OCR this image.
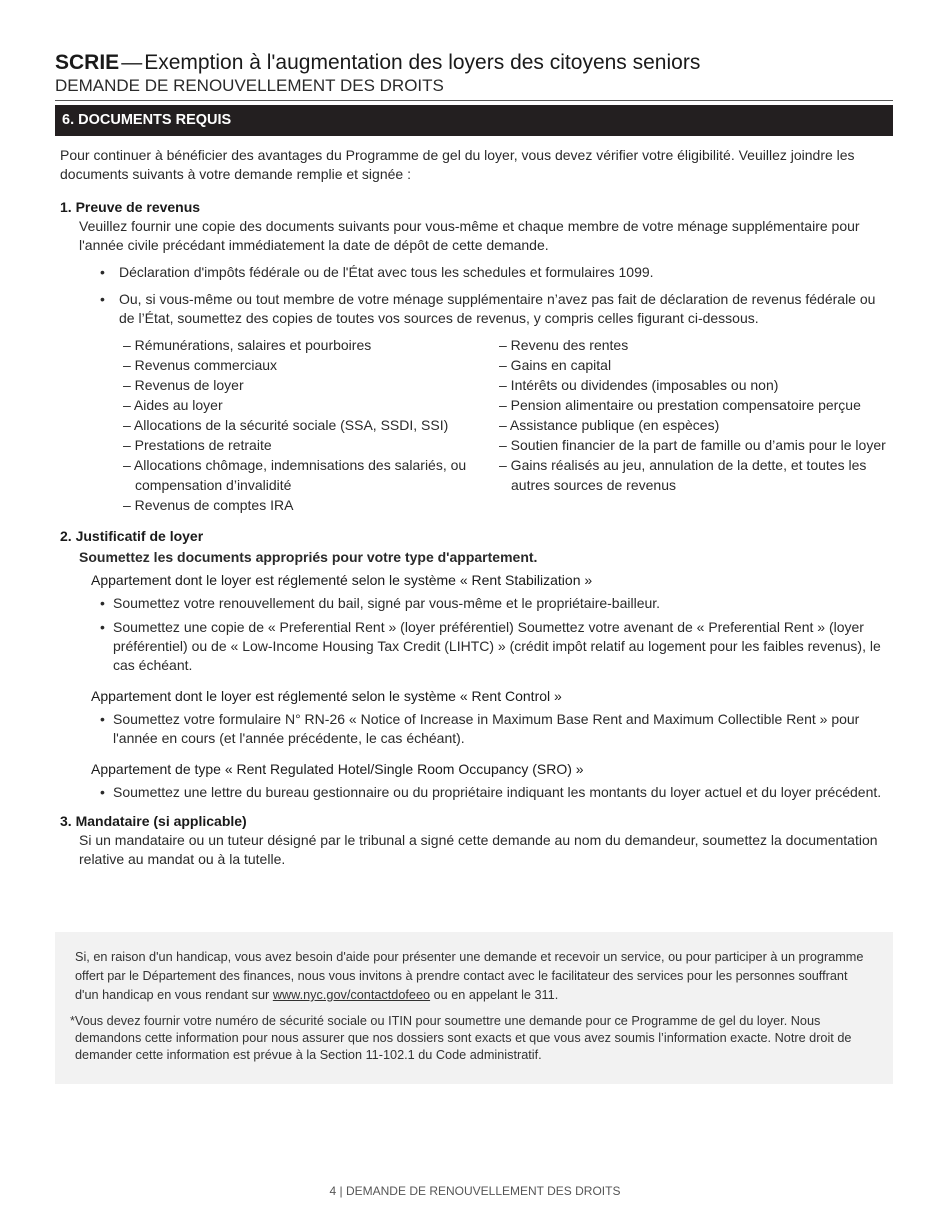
SCRIE—Exemption à l'augmentation des loyers des citoyens seniors
DEMANDE DE RENOUVELLEMENT DES DROITS
6. DOCUMENTS REQUIS

Pour continuer à bénéficier des avantages du Programme de gel du loyer, vous devez vérifier votre éligibilité. Veuillez joindre les documents suivants à votre demande remplie et signée :

1. Preuve de revenus

Veuillez fournir une copie des documents suivants pour vous-même et chaque membre de votre ménage supplémentaire pour l'année civile précédant immédiatement la date de dépôt de cette demande.

• Déclaration d'impôts fédérale ou de l'État avec tous les schedules et formulaires 1099.
• Ou, si vous-même ou tout membre de votre ménage supplémentaire n’avez pas fait de déclaration de revenus fédérale ou de l’État, soumettez des copies de toutes vos sources de revenus, y compris celles figurant ci-dessous.
– Rémunérations, salaires et pourboires
– Revenus commerciaux
– Revenus de loyer
– Aides au loyer
– Allocations de la sécurité sociale (SSA, SSDI, SSI)
– Prestations de retraite
– Allocations chômage, indemnisations des salariés, ou compensation d’invalidité
– Revenus de comptes IRA
– Revenu des rentes
– Gains en capital
– Intérêts ou dividendes (imposables ou non)
– Pension alimentaire ou prestation compensatoire perçue
– Assistance publique (en espèces)
– Soutien financier de la part de famille ou d’amis pour le loyer
– Gains réalisés au jeu, annulation de la dette, et toutes les autres sources de revenus

2. Justificatif de loyer

Soumettez les documents appropriés pour votre type d'appartement.

Appartement dont le loyer est réglementé selon le système « Rent Stabilization »

• Soumettez votre renouvellement du bail, signé par vous-même et le propriétaire-bailleur.
• Soumettez une copie de « Preferential Rent » (loyer préférentiel) Soumettez votre avenant de « Preferential Rent » (loyer préférentiel) ou de « Low-Income Housing Tax Credit (LIHTC) » (crédit impôt relatif au logement pour les faibles revenus), le cas échéant.

Appartement dont le loyer est réglementé selon le système « Rent Control »

• Soumettez votre formulaire N° RN-26 « Notice of Increase in Maximum Base Rent and Maximum Collectible Rent » pour l'année en cours (et l'année précédente, le cas échéant).

Appartement de type « Rent Regulated Hotel/Single Room Occupancy (SRO) »

• Soumettez une lettre du bureau gestionnaire ou du propriétaire indiquant les montants du loyer actuel et du loyer précédent.

3. Mandataire (si applicable)

Si un mandataire ou un tuteur désigné par le tribunal a signé cette demande au nom du demandeur, soumettez la documentation relative au mandat ou à la tutelle.

Si, en raison d'un handicap, vous avez besoin d'aide pour présenter une demande et recevoir un service, ou pour participer à un programme offert par le Département des finances, nous vous invitons à prendre contact avec le facilitateur des services pour les personnes souffrant d'un handicap en vous rendant sur www.nyc.gov/contactdofeeo ou en appelant le 311.

*Vous devez fournir votre numéro de sécurité sociale ou ITIN pour soumettre une demande pour ce Programme de gel du loyer. Nous demandons cette information pour nous assurer que nos dossiers sont exacts et que vous avez soumis l’information exacte. Notre droit de demander cette information est prévue à la Section 11-102.1 du Code administratif.

4 | DEMANDE DE RENOUVELLEMENT DES DROITS
